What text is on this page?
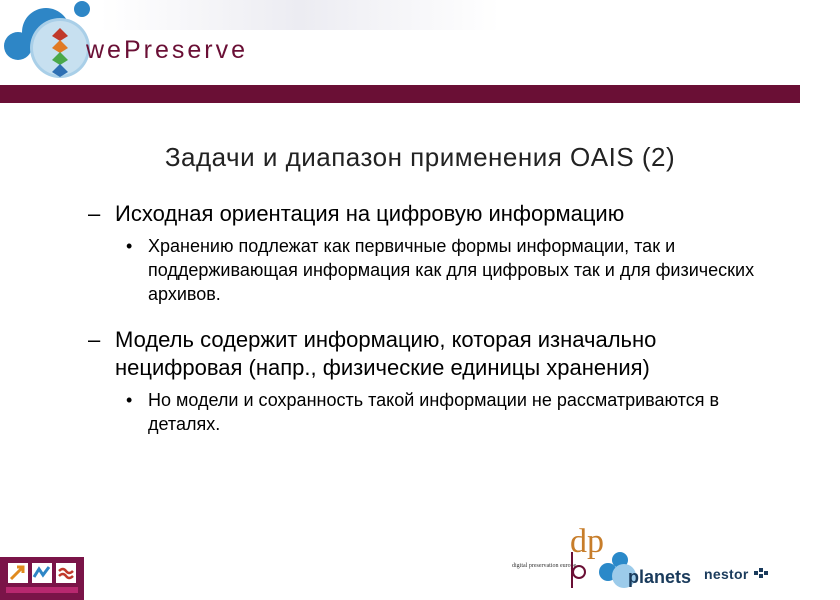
wePreserve
Задачи и диапазон применения OAIS (2)
– Исходная ориентация на цифровую информацию
• Хранению подлежат как первичные формы информации, так и поддерживающая информация как для цифровых так и для физических архивов.
– Модель содержит информацию, которая изначально нецифровая (напр., физические единицы хранения)
• Но модели и сохранность такой информации не рассматриваются в деталях.
dp
digital preservation europe
planets nestor
